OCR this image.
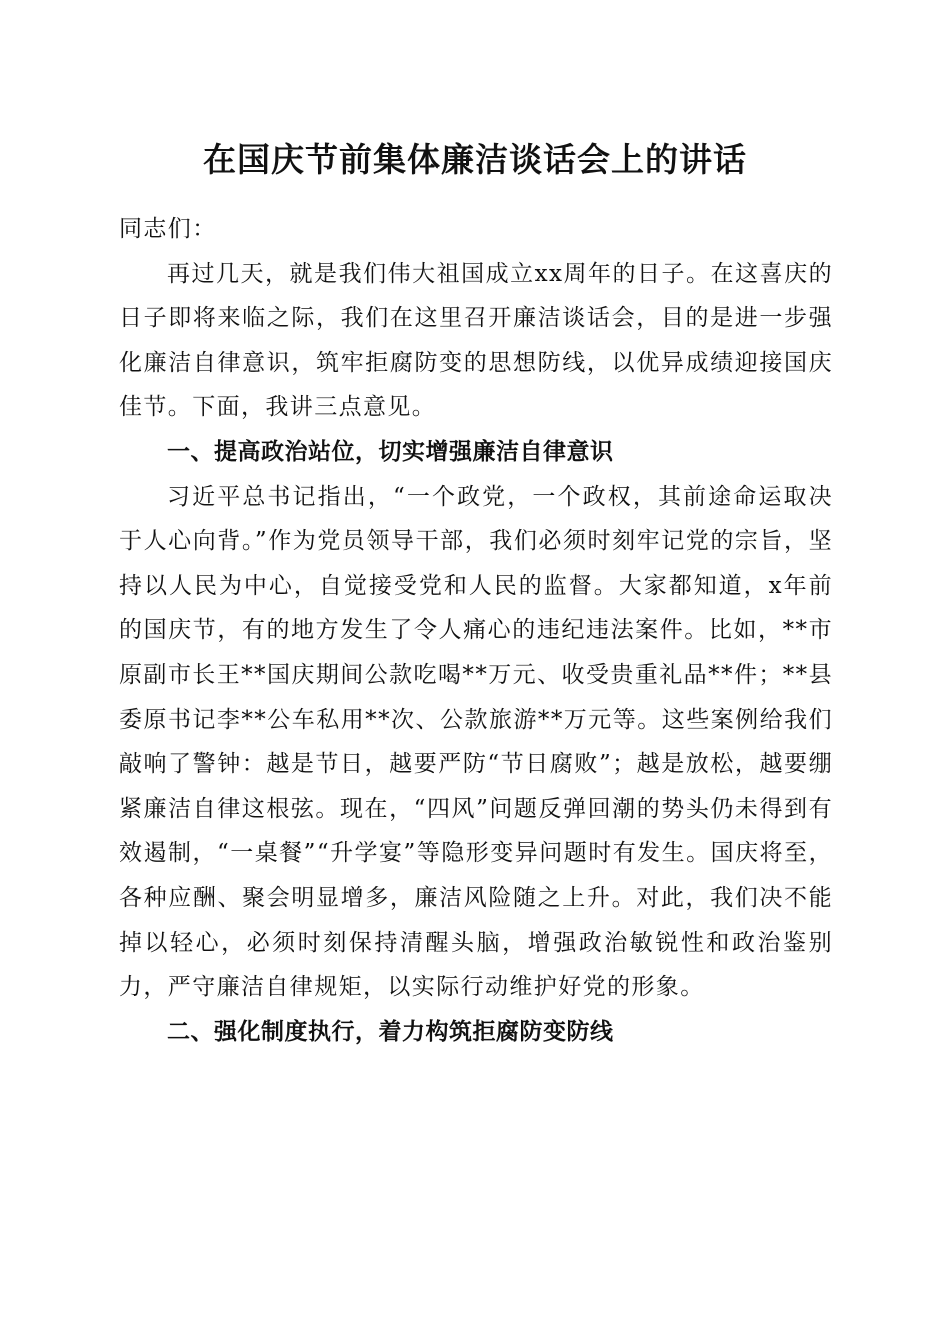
在国庆节前集体廉洁谈话会上的讲话

同志们：

再过几天，就是我们伟大祖国成立xx周年的日子。在这喜庆的日子即将来临之际，我们在这里召开廉洁谈话会，目的是进一步强化廉洁自律意识，筑牢拒腐防变的思想防线，以优异成绩迎接国庆佳节。下面，我讲三点意见。

一、提高政治站位，切实增强廉洁自律意识

习近平总书记指出，“一个政党，一个政权，其前途命运取决于人心向背。”作为党员领导干部，我们必须时刻牢记党的宗旨，坚持以人民为中心，自觉接受党和人民的监督。大家都知道，x年前的国庆节，有的地方发生了令人痛心的违纪违法案件。比如，**市原副市长王**国庆期间公款吃喝**万元、收受贵重礼品**件；**县委原书记李**公车私用**次、公款旅游**万元等。这些案例给我们敲响了警钟：越是节日，越要严防“节日腐败”；越是放松，越要绷紧廉洁自律这根弦。现在，“四风”问题反弹回潮的势头仍未得到有效遏制，“一桌餐”“升学宴”等隐形变异问题时有发生。国庆将至，各种应酬、聚会明显增多，廉洁风险随之上升。对此，我们决不能掉以轻心，必须时刻保持清醒头脑，增强政治敏锐性和政治鉴别力，严守廉洁自律规矩，以实际行动维护好党的形象。

二、强化制度执行，着力构筑拒腐防变防线
